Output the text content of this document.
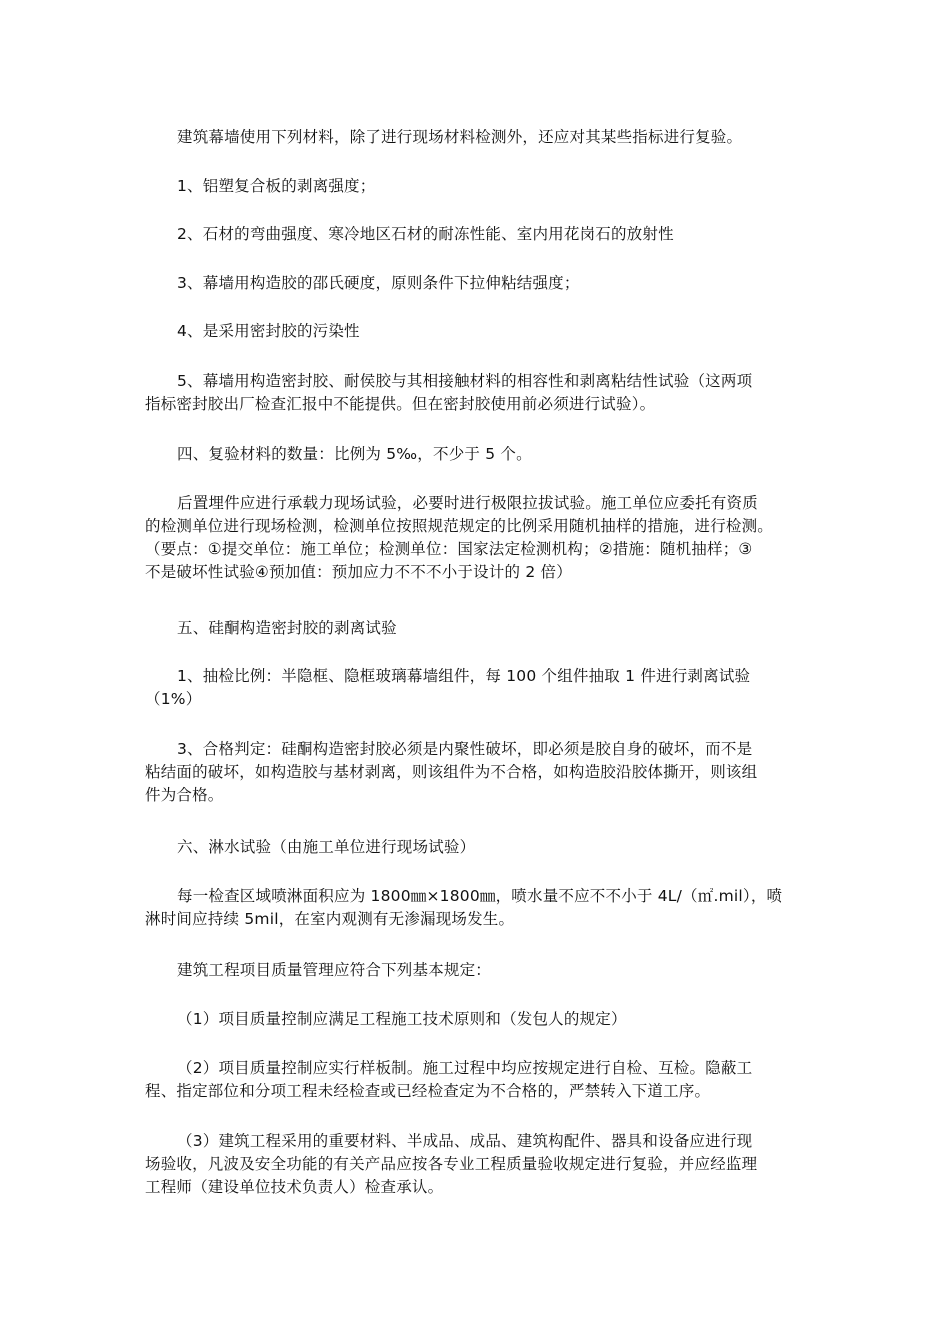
建筑幕墙使用下列材料，除了进行现场材料检测外，还应对其某些指标进行复验。
1、铝塑复合板的剥离强度；
2、石材的弯曲强度、寒冷地区石材的耐冻性能、室内用花岗石的放射性
3、幕墙用构造胶的邵氏硬度，原则条件下拉伸粘结强度；
4、是采用密封胶的污染性
5、幕墙用构造密封胶、耐侯胶与其相接触材料的相容性和剥离粘结性试验（这两项
指标密封胶出厂检查汇报中不能提供。但在密封胶使用前必须进行试验）。
四、复验材料的数量：比例为 5‰，不少于 5 个。
后置埋件应进行承载力现场试验，必要时进行极限拉拔试验。施工单位应委托有资质
的检测单位进行现场检测，检测单位按照规范规定的比例采用随机抽样的措施，进行检测。
（要点：①提交单位：施工单位；检测单位：国家法定检测机构；②措施：随机抽样；③
不是破坏性试验④预加值：预加应力不不不小于设计的 2 倍）
五、硅酮构造密封胶的剥离试验
1、抽检比例：半隐框、隐框玻璃幕墙组件，每 100 个组件抽取 1 件进行剥离试验
（1%）
3、合格判定：硅酮构造密封胶必须是内聚性破坏，即必须是胶自身的破坏，而不是
粘结面的破坏，如构造胶与基材剥离，则该组件为不合格，如构造胶沿胶体撕开，则该组
件为合格。
六、淋水试验（由施工单位进行现场试验）
每一检查区域喷淋面积应为 1800㎜×1800㎜，喷水量不应不不小于 4L/（㎡.mil），喷
淋时间应持续 5mil，在室内观测有无渗漏现场发生。
建筑工程项目质量管理应符合下列基本规定：
（1）项目质量控制应满足工程施工技术原则和（发包人的规定）
（2）项目质量控制应实行样板制。施工过程中均应按规定进行自检、互检。隐蔽工
程、指定部位和分项工程未经检查或已经检查定为不合格的，严禁转入下道工序。
（3）建筑工程采用的重要材料、半成品、成品、建筑构配件、器具和设备应进行现
场验收，凡波及安全功能的有关产品应按各专业工程质量验收规定进行复验，并应经监理
工程师（建设单位技术负责人）检查承认。
